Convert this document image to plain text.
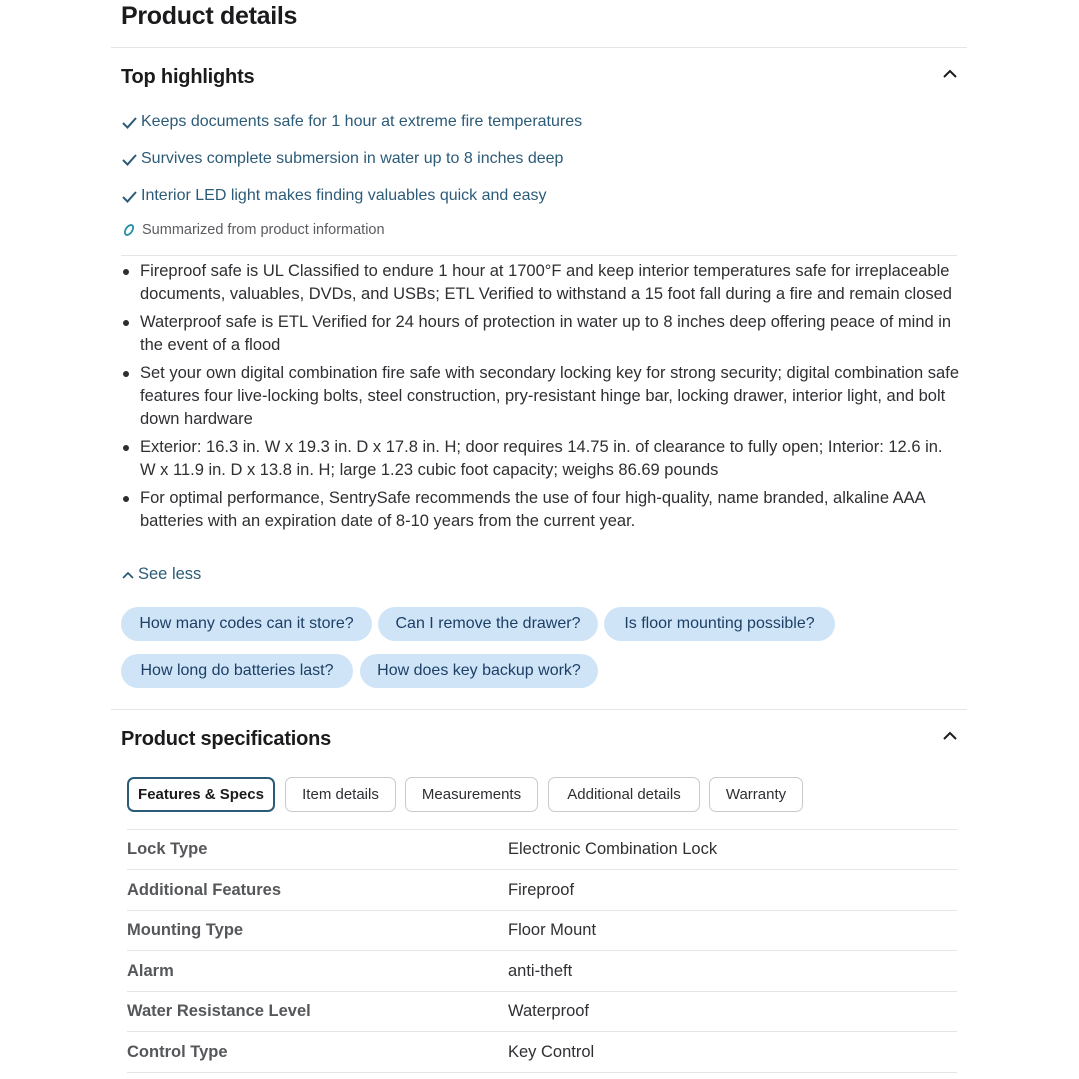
Product details
Top highlights
Keeps documents safe for 1 hour at extreme fire temperatures
Survives complete submersion in water up to 8 inches deep
Interior LED light makes finding valuables quick and easy
Summarized from product information
Fireproof safe is UL Classified to endure 1 hour at 1700°F and keep interior temperatures safe for irreplaceable documents, valuables, DVDs, and USBs; ETL Verified to withstand a 15 foot fall during a fire and remain closed
Waterproof safe is ETL Verified for 24 hours of protection in water up to 8 inches deep offering peace of mind in the event of a flood
Set your own digital combination fire safe with secondary locking key for strong security; digital combination safe features four live-locking bolts, steel construction, pry-resistant hinge bar, locking drawer, interior light, and bolt down hardware
Exterior: 16.3 in. W x 19.3 in. D x 17.8 in. H; door requires 14.75 in. of clearance to fully open; Interior: 12.6 in. W x 11.9 in. D x 13.8 in. H; large 1.23 cubic foot capacity; weighs 86.69 pounds
For optimal performance, SentrySafe recommends the use of four high-quality, name branded, alkaline AAA batteries with an expiration date of 8-10 years from the current year.
See less
How many codes can it store?	Can I remove the drawer?	Is floor mounting possible?
How long do batteries last?	How does key backup work?
Product specifications
Features & Specs	Item details	Measurements	Additional details	Warranty
Lock Type	Electronic Combination Lock
Additional Features	Fireproof
Mounting Type	Floor Mount
Alarm	anti-theft
Water Resistance Level	Waterproof
Control Type	Key Control
